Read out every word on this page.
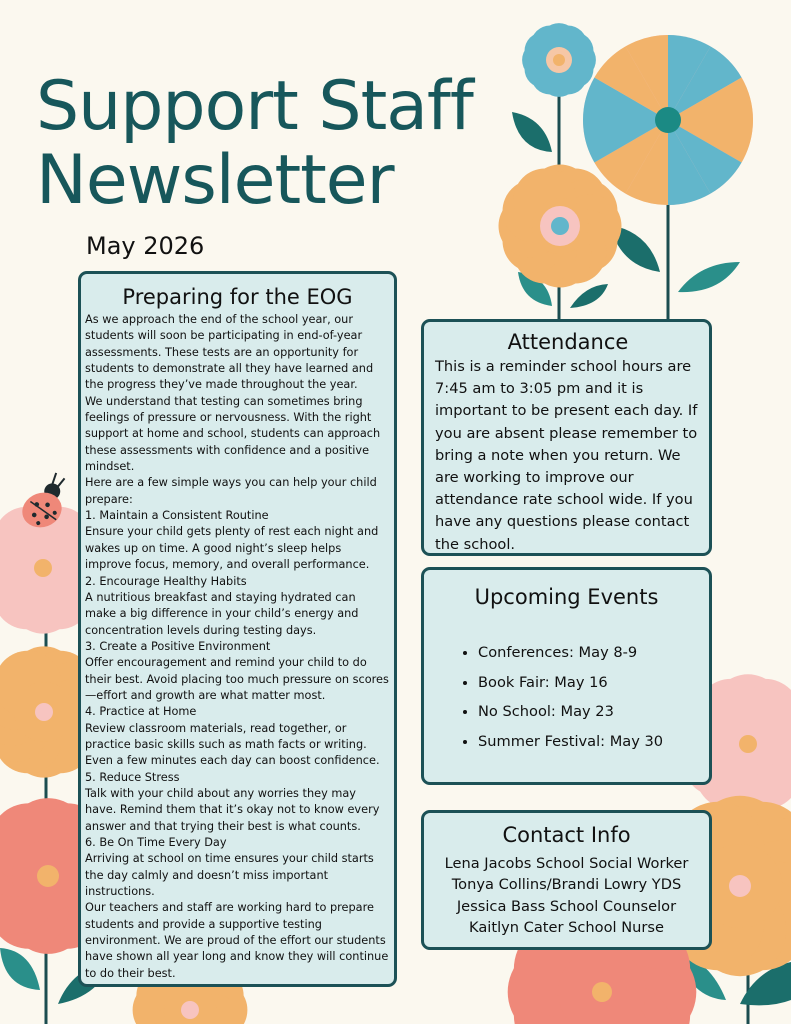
Support Staff
Newsletter
May 2026
Preparing for the EOG

As we approach the end of the school year, our students will soon be participating in end-of-year assessments. These tests are an opportunity for students to demonstrate all they have learned and the progress they’ve made throughout the year.
We understand that testing can sometimes bring feelings of pressure or nervousness. With the right support at home and school, students can approach these assessments with confidence and a positive mindset.
Here are a few simple ways you can help your child prepare:
1. Maintain a Consistent Routine
Ensure your child gets plenty of rest each night and wakes up on time. A good night’s sleep helps improve focus, memory, and overall performance.
2. Encourage Healthy Habits
A nutritious breakfast and staying hydrated can make a big difference in your child’s energy and concentration levels during testing days.
3. Create a Positive Environment
Offer encouragement and remind your child to do their best. Avoid placing too much pressure on scores—effort and growth are what matter most.
4. Practice at Home
Review classroom materials, read together, or practice basic skills such as math facts or writing. Even a few minutes each day can boost confidence.
5. Reduce Stress
Talk with your child about any worries they may have. Remind them that it’s okay not to know every answer and that trying their best is what counts.
6. Be On Time Every Day
Arriving at school on time ensures your child starts the day calmly and doesn’t miss important instructions.
Our teachers and staff are working hard to prepare students and provide a supportive testing environment. We are proud of the effort our students have shown all year long and know they will continue to do their best.

Attendance

This is a reminder school hours are 7:45 am to 3:05 pm and it is important to be present each day. If you are absent please remember to bring a note when you return. We are working to improve our attendance rate school wide. If you have any questions please contact the school.

Upcoming Events
• Conferences: May 8-9
• Book Fair: May 16
• No School: May 23
• Summer Festival: May 30
Contact Info
Lena Jacobs School Social Worker
Tonya Collins/Brandi Lowry YDS
Jessica Bass School Counselor
Kaitlyn Cater School Nurse
